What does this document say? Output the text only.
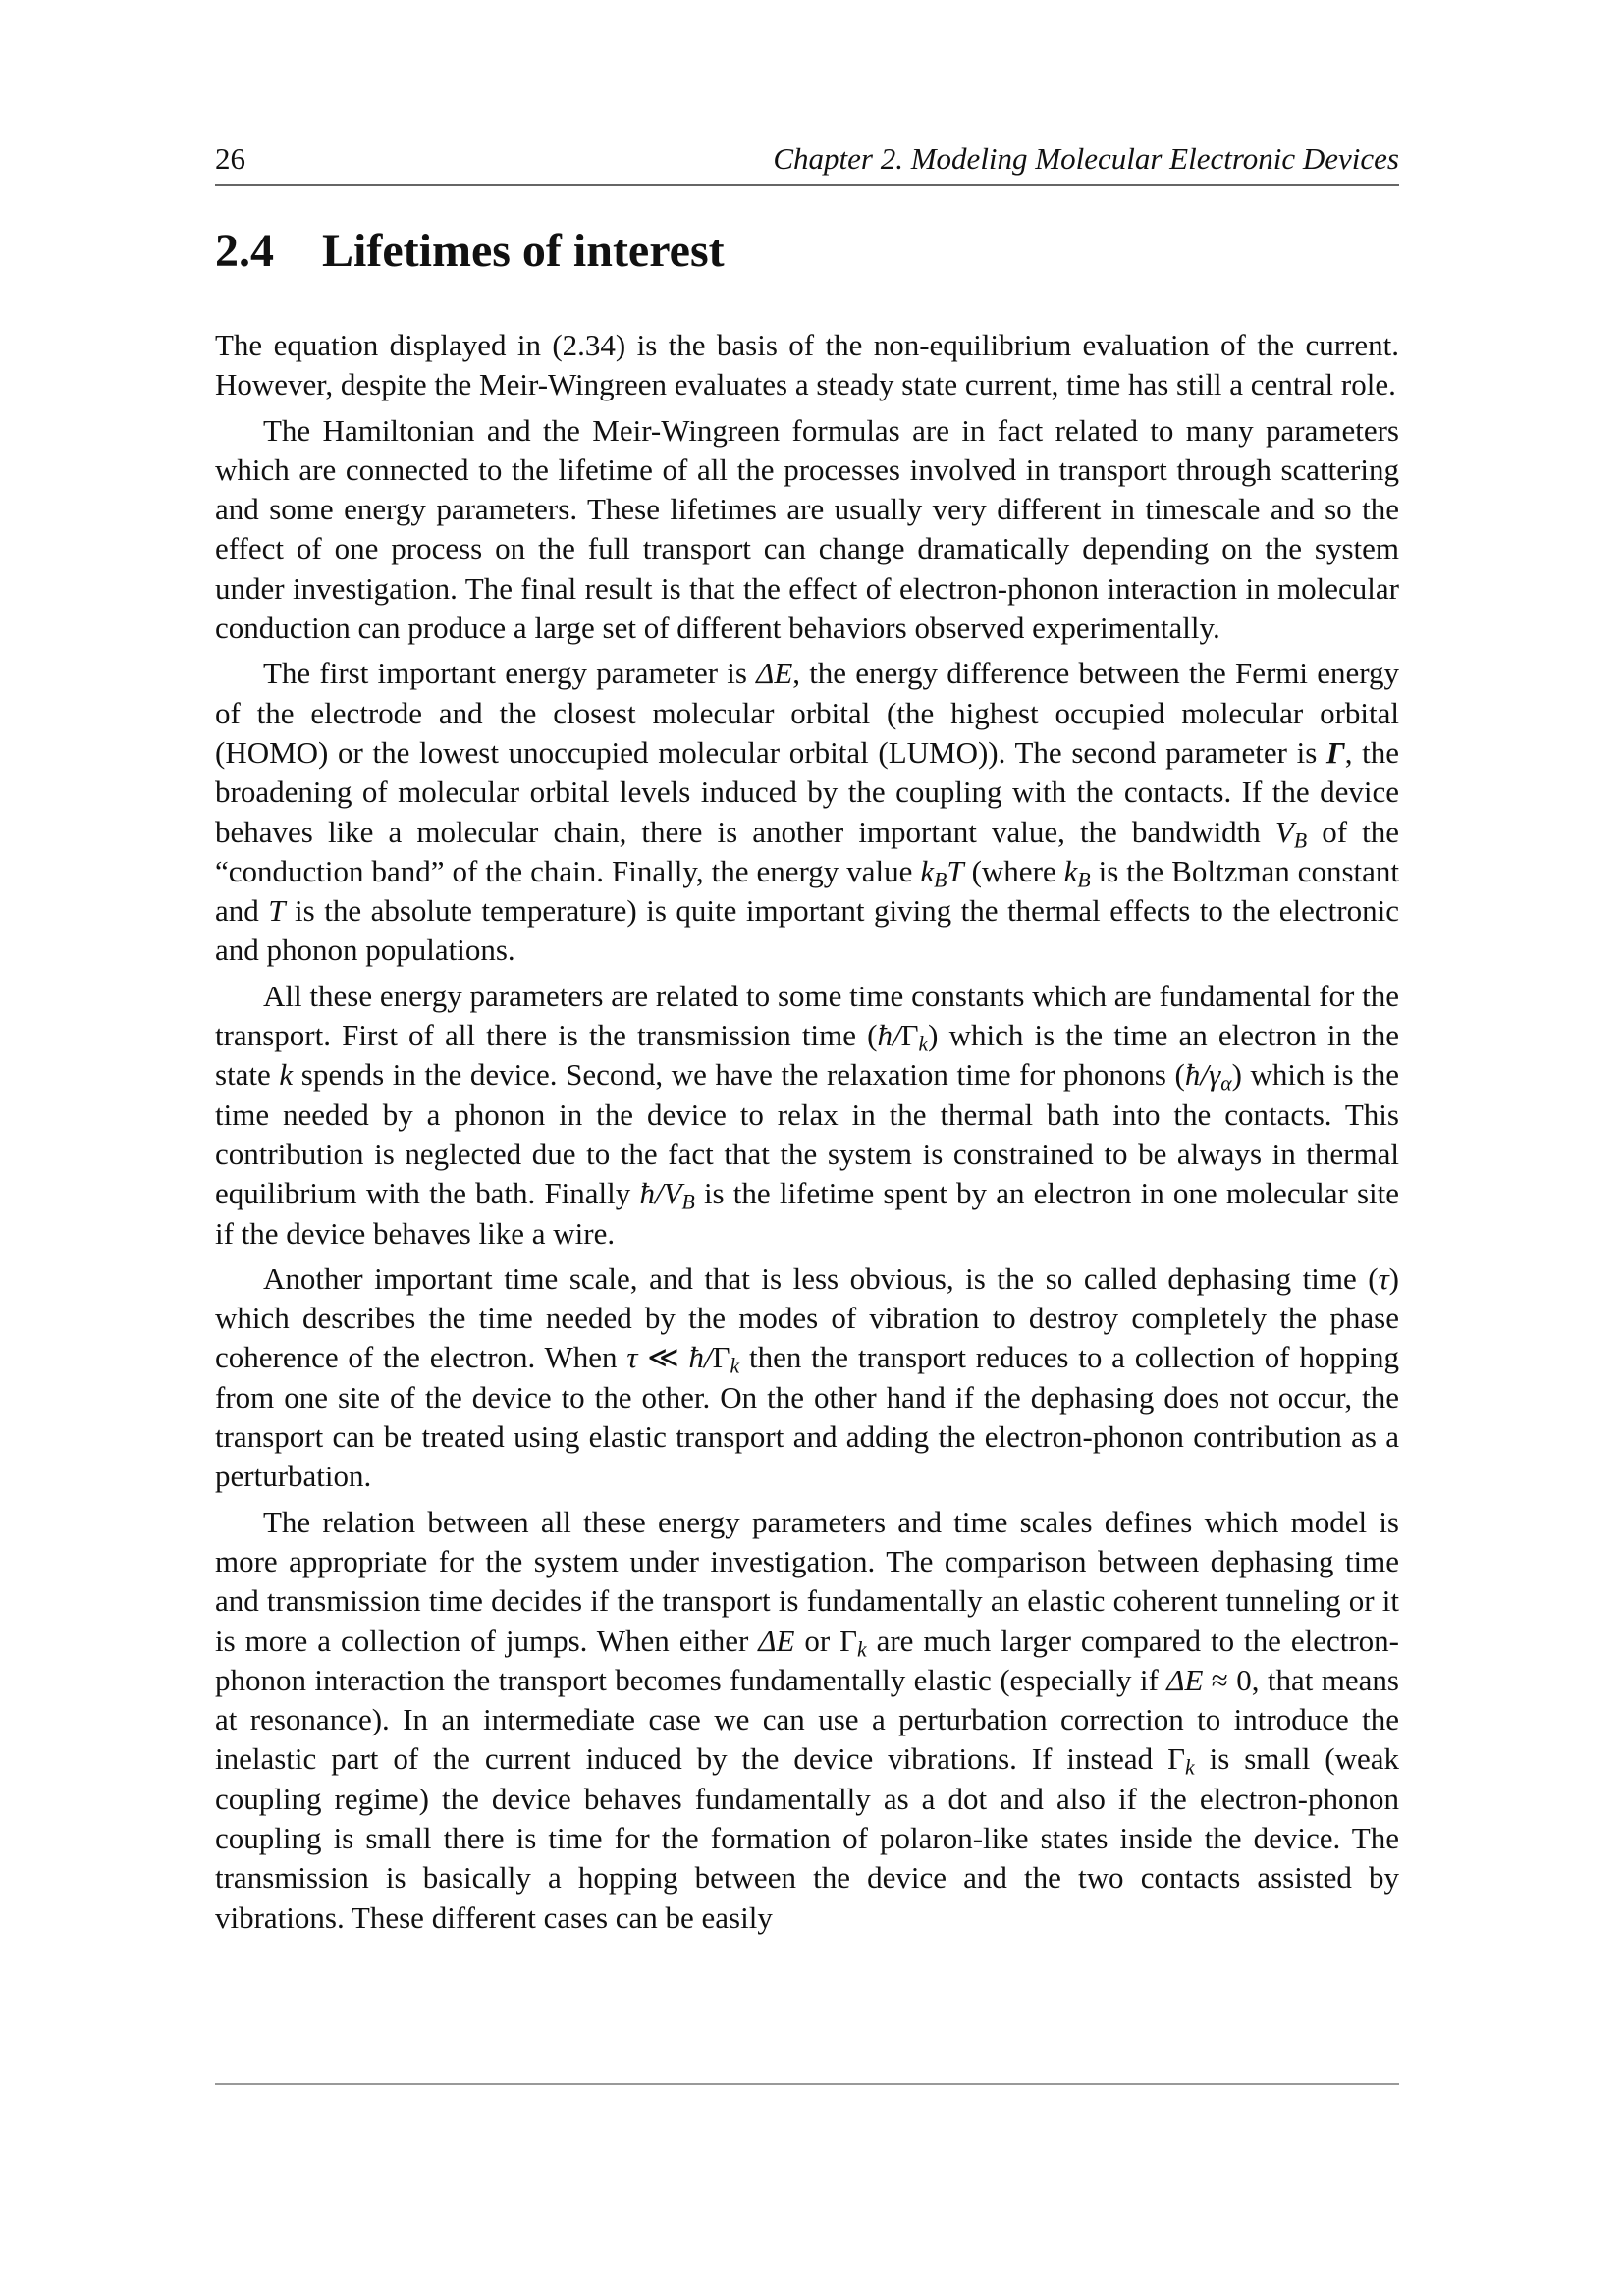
26	Chapter 2. Modeling Molecular Electronic Devices
2.4 Lifetimes of interest

The equation displayed in (2.34) is the basis of the non-equilibrium evaluation of the current. However, despite the Meir-Wingreen evaluates a steady state current, time has still a central role.

The Hamiltonian and the Meir-Wingreen formulas are in fact related to many parameters which are connected to the lifetime of all the processes involved in transport through scattering and some energy parameters. These lifetimes are usually very different in timescale and so the effect of one process on the full transport can change dramatically depending on the system under investigation. The final result is that the effect of electron-phonon interaction in molecular conduction can produce a large set of different behaviors observed experimentally.

The first important energy parameter is ΔE, the energy difference between the Fermi energy of the electrode and the closest molecular orbital (the highest occupied molecular orbital (HOMO) or the lowest unoccupied molecular orbital (LUMO)). The second parameter is Γ, the broadening of molecular orbital levels induced by the coupling with the contacts. If the device behaves like a molecular chain, there is another important value, the bandwidth $V_B$ of the “conduction band” of the chain. Finally, the energy value $k_BT$ (where $k_B$ is the Boltzman constant and T is the absolute temperature) is quite important giving the thermal effects to the electronic and phonon populations.

All these energy parameters are related to some time constants which are fundamental for the transport. First of all there is the transmission time $(ħ/\Gamma_k)$ which is the time an electron in the state k spends in the device. Second, we have the relaxation time for phonons $(ħ/\gamma_\alpha)$ which is the time needed by a phonon in the device to relax in the thermal bath into the contacts. This contribution is neglected due to the fact that the system is constrained to be always in thermal equilibrium with the bath. Finally $ħ/V_B$ is the lifetime spent by an electron in one molecular site if the device behaves like a wire.

Another important time scale, and that is less obvious, is the so called dephasing time (τ) which describes the time needed by the modes of vibration to destroy completely the phase coherence of the electron. When τ ≪ $ħ/\Gamma_k$ then the transport reduces to a collection of hopping from one site of the device to the other. On the other hand if the dephasing does not occur, the transport can be treated using elastic transport and adding the electron-phonon contribution as a perturbation.

The relation between all these energy parameters and time scales defines which model is more appropriate for the system under investigation. The comparison between dephasing time and transmission time decides if the transport is fundamentally an elastic coherent tunneling or it is more a collection of jumps. When either ΔE or $\Gamma_k$ are much larger compared to the electron-phonon interaction the transport becomes fundamentally elastic (especially if ΔE ≈ 0, that means at resonance). In an intermediate case we can use a perturbation correction to introduce the inelastic part of the current induced by the device vibrations. If instead $\Gamma_k$ is small (weak coupling regime) the device behaves fundamentally as a dot and also if the electron-phonon coupling is small there is time for the formation of polaron-like states inside the device. The transmission is basically a hopping between the device and the two contacts assisted by vibrations. These different cases can be easily
